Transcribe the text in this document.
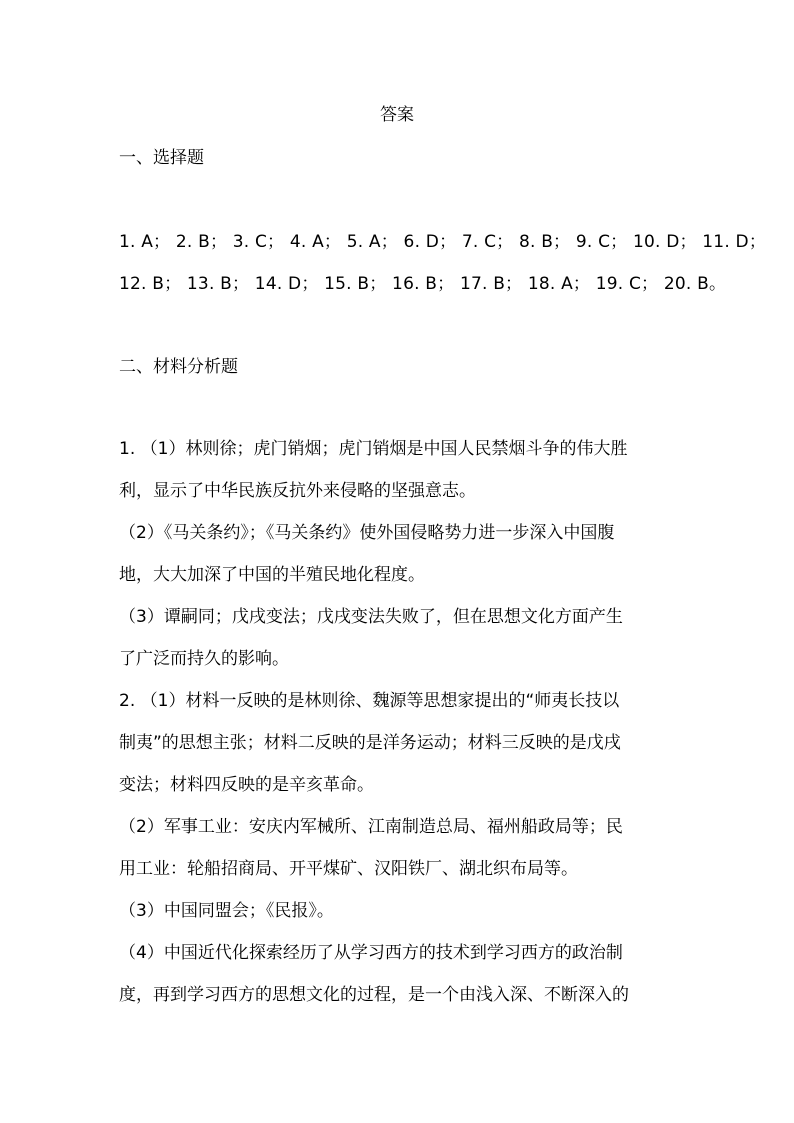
答案
一、选择题
1. A； 2. B； 3. C； 4. A； 5. A； 6. D； 7. C； 8. B； 9. C； 10. D； 11. D；
12. B； 13. B； 14. D； 15. B； 16. B； 17. B； 18. A； 19. C； 20. B。
二、材料分析题
1. （1）林则徐；虎门销烟；虎门销烟是中国人民禁烟斗争的伟大胜
利，显示了中华民族反抗外来侵略的坚强意志。
（2）《马关条约》；《马关条约》使外国侵略势力进一步深入中国腹
地，大大加深了中国的半殖民地化程度。
（3）谭嗣同；戊戌变法；戊戌变法失败了，但在思想文化方面产生
了广泛而持久的影响。
2. （1）材料一反映的是林则徐、魏源等思想家提出的“师夷长技以
制夷”的思想主张；材料二反映的是洋务运动；材料三反映的是戊戌
变法；材料四反映的是辛亥革命。
（2）军事工业：安庆内军械所、江南制造总局、福州船政局等；民
用工业：轮船招商局、开平煤矿、汉阳铁厂、湖北织布局等。
（3）中国同盟会；《民报》。
（4）中国近代化探索经历了从学习西方的技术到学习西方的政治制
度，再到学习西方的思想文化的过程，是一个由浅入深、不断深入的
